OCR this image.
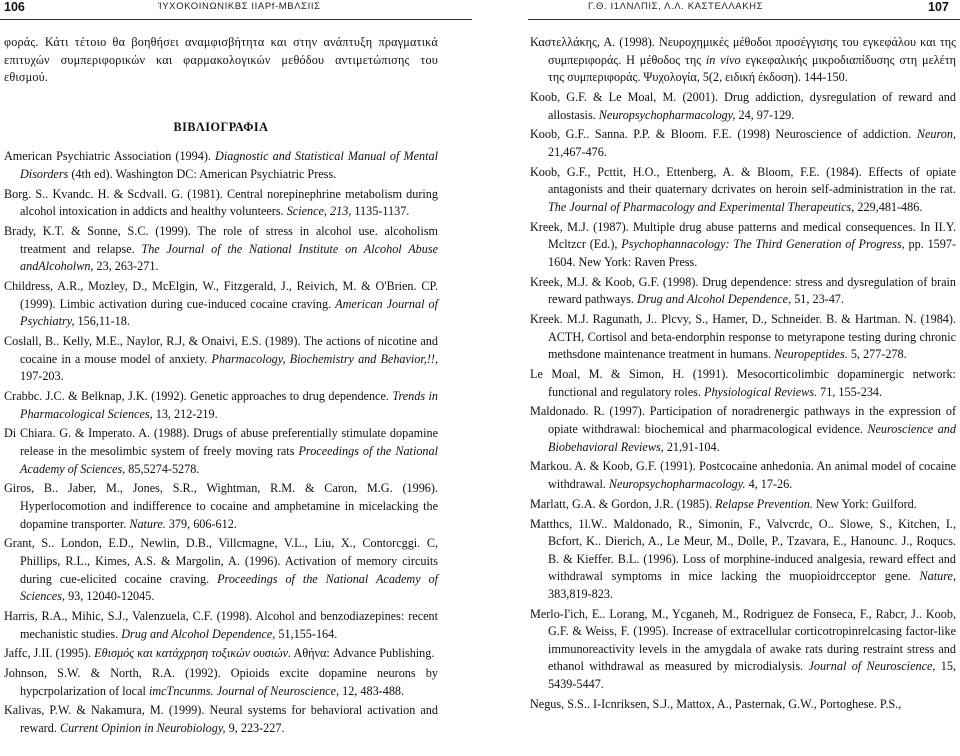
106	ΊΥΧΟΚΟΙΝΩΝΙΚΒΣ ΙΙΑΡf-ΜΒΛΣΙΙΣ	Γ.Θ. Ι1ΛΝΛΠΙΣ, Λ.Λ. ΚΑΣΤΕΛΛΑΚΗΣ	107

φοράς. Κάτι τέτοιο θα βοηθήσει αναμφισβήτητα και στην ανάπτυξη πραγματικά επιτυχών συμπεριφορικών και φαρμακολογικών μεθόδου αντιμετώπισης του εθισμού.

ΒΙΒΛΙΟΓΡΑΦΙΑ

American Psychiatric Association (1994). Diagnostic and Statistical Manual of Mental Disorders (4th ed). Washington DC: American Psychiatric Press.

Borg. S.. Kvandc. H. & Scdvall. G. (1981). Central norepinephrine metabolism during alcohol intoxication in addicts and healthy volunteers. Science, 213, 1135-1137.

Brady, K.T. & Sonne, S.C. (1999). The role of stress in alcohol use. alcoholism treatment and relapse. The Journal of the National Institute on Alcohol Abuse andAlcoholwn, 23, 263-271.

Childress, A.R., Mozley, D., McElgin, W., Fitzgerald, J., Reivich, M. & O'Brien. CP. (1999). Limbic activation during cue-induced cocaine craving. American Journal of Psychiatry, 156,11-18.

Coslall, B.. Kelly, M.E., Naylor, R.J, & Onaivi, E.S. (1989). The actions of nicotine and cocaine in a mouse model of anxiety. Pharmacology, Biochemistry and Behavior,!!, 197-203.

Crabbc. J.C. & Belknap, J.K. (1992). Genetic approaches to drug dependence. Trends in Pharmacological Sciences, 13, 212-219.

Di Chiara. G. & Imperato. A. (1988). Drugs of abuse preferentially stimulate dopamine release in the mesolimbic system of freely moving rats Proceedings of the National Academy of Sciences, 85,5274-5278.

Giros, B.. Jaber, M., Jones, S.R., Wightman, R.M. & Caron, M.G. (1996). Hyperlocomotion and indifference to cocaine and amphetamine in micelacking the dopamine transporter. Nature. 379, 606-612.

Grant, S.. London, E.D., Newlin, D.B., Villcmagne, V.L., Liu, X., Contorcggi. C, Phillips, R.L., Kimes, A.S. & Margolin, A. (1996). Activation of memory circuits during cue-elicited cocaine craving. Proceedings of the National Academy of Sciences, 93, 12040-12045.

Harris, R.A., Mihic, S.J., Valenzuela, C.F. (1998). Alcohol and benzodiazepines: recent mechanistic studies. Drug and Alcohol Dependence, 51,155-164.

Jaffc, J.II. (1995). Εθισμός και κατάχρηση τοξικών ουσιών. Αθήνα: Advance Publishing.

Johnson, S.W. & North, R.A. (1992). Opioids excite dopamine neurons by hypcrpolarization of local imcTncunms. Journal of Neuroscience, 12, 483-488.

Kalivas, P.W. & Nakamura, M. (1999). Neural systems for behavioral activation and reward. Current Opinion in Neurobiology, 9, 223-227.

Καστελλάκης, Α. (1998). Νευροχημικές μέθοδοι προσέγγισης του εγκεφάλου και της συμπεριφοράς. Η μέθοδος της in vivo εγκεφαλικής μικροδιαπίδυσης στη μελέτη της συμπεριφοράς. Ψυχολογία, 5(2, ειδική έκδοση). 144-150.

Koob, G.F. & Le Moal, M. (2001). Drug addiction, dysregulation of reward and allostasis. Neuropsychopharmacology, 24, 97-129.

Koob, G.F.. Sanna. P.P. & Bloom. F.E. (1998) Neuroscience of addiction. Neuron, 21,467-476.

Koob, G.F., Pcttit, H.O., Ettenberg, A. & Bloom, F.E. (1984). Effects of opiate antagonists and their quaternary dcrivates on heroin self-administration in the rat. The Journal of Pharmacology and Experimental Therapeutics, 229,481-486.

Kreek, M.J. (1987). Multiple drug abuse patterns and medical consequences. In II.Y. Mcltzcr (Ed.), Psychophannacology: The Third Generation of Progress, pp. 1597-1604. New York: Raven Press.

Kreek, M.J. & Koob, G.F. (1998). Drug dependence: stress and dysregulation of brain reward pathways. Drug and Alcohol Dependence, 51, 23-47.

Kreek. M.J. Ragunath, J.. Plcvy, S., Hamer, D., Schneider. B. & Hartman. N. (1984). ACTH, Cortisol and beta-endorphin response to metyrapone testing during chronic methsdone maintenance treatment in humans. Neuropeptides. 5, 277-278.

Le Moal, M. & Simon, H. (1991). Mesocorticolimbic dopaminergic network: functional and regulatory roles. Physiological Reviews. 71, 155-234.

Maldonado. R. (1997). Participation of noradrenergic pathways in the expression of opiate withdrawal: biochemical and pharmacological evidence. Neuroscience and Biobehavioral Reviews, 21,91-104.

Markou. A. & Koob, G.F. (1991). Postcocaine anhedonia. An animal model of cocaine withdrawal. Neuropsychopharmacology. 4, 17-26.

Marlatt, G.A. & Gordon, J.R. (1985). Relapse Prevention. New York: Guilford.

Matthcs, 1l.W.. Maldonado, R., Simonin, F., Valvcrdc, O.. Slowe, S., Kitchen, I., Bcfort, K.. Dierich, A., Le Meur, M., Dolle, P., Tzavara, E., Hanounc. J., Roqucs. B. & Kieffer. B.L. (1996). Loss of morphine-induced analgesia, reward effect and withdrawal symptoms in mice lacking the muopioidrcceptor gene. Nature, 383,819-823.

Merlo-I'ich, E.. Lorang, M., Ycganeh, M., Rodriguez de Fonseca, F., Rabcr, J.. Koob, G.F. & Weiss, F. (1995). Increase of extracellular corticotropinrelcasing factor-like immunoreactivity levels in the amygdala of awake rats during restraint stress and ethanol withdrawal as measured by microdialysis. Journal of Neuroscience, 15, 5439-5447.

Negus, S.S.. I-Icnriksen, S.J., Mattox, A., Pasternak, G.W., Portoghese. P.S.,
